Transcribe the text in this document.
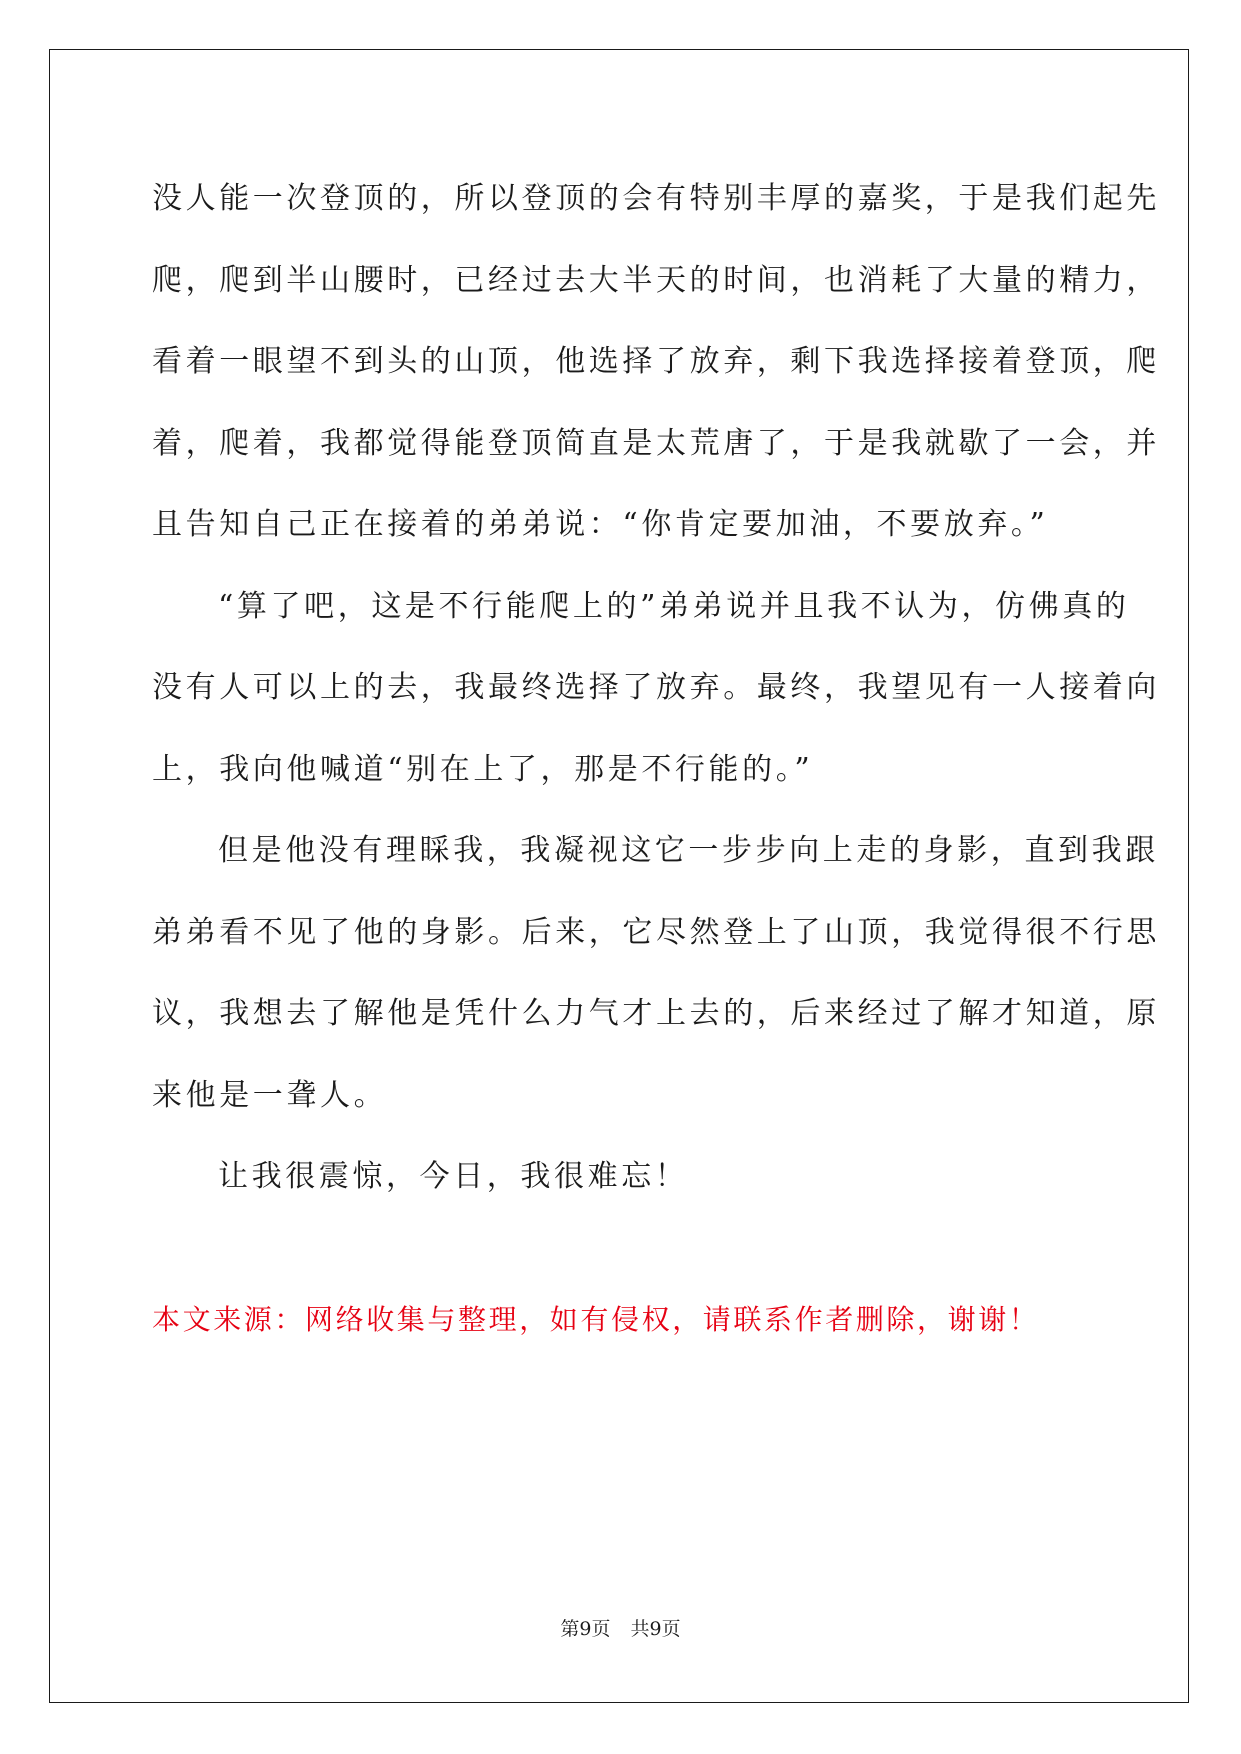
没人能一次登顶的，所以登顶的会有特别丰厚的嘉奖，于是我们起先
爬，爬到半山腰时，已经过去大半天的时间，也消耗了大量的精力，
看着一眼望不到头的山顶，他选择了放弃，剩下我选择接着登顶，爬
着，爬着，我都觉得能登顶简直是太荒唐了，于是我就歇了一会，并
且告知自己正在接着的弟弟说：“你肯定要加油，不要放弃。”

“算了吧，这是不行能爬上的”弟弟说并且我不认为，仿佛真的
没有人可以上的去，我最终选择了放弃。最终，我望见有一人接着向
上，我向他喊道“别在上了，那是不行能的。”

但是他没有理睬我，我凝视这它一步步向上走的身影，直到我跟
弟弟看不见了他的身影。后来，它尽然登上了山顶，我觉得很不行思
议，我想去了解他是凭什么力气才上去的，后来经过了解才知道，原
来他是一聋人。

让我很震惊，今日，我很难忘！

本文来源：网络收集与整理，如有侵权，请联系作者删除，谢谢！

第9页 共9页
